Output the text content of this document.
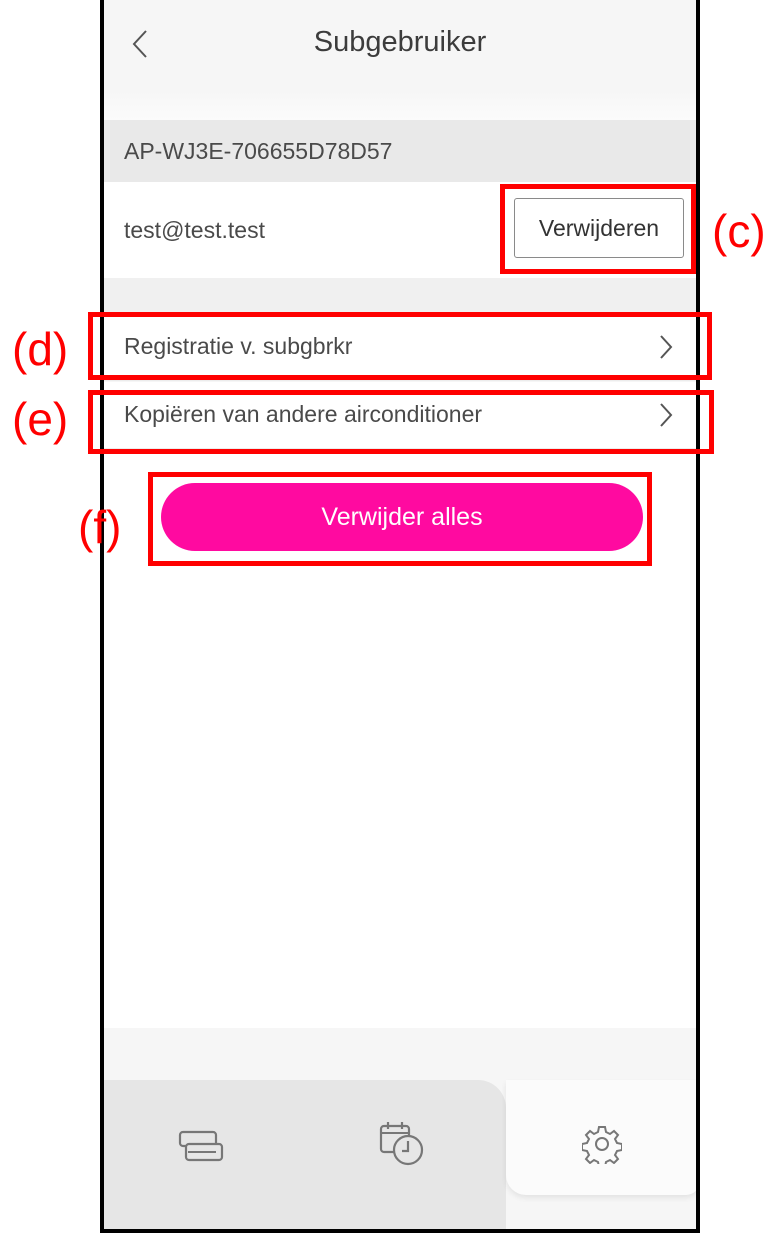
Subgebruiker
AP-WJ3E-706655D78D57
test@test.test	Verwijderen
Registratie v. subgbrkr
Kopiëren van andere airconditioner
Verwijder alles
(c)
(d)
(e)
(f)
